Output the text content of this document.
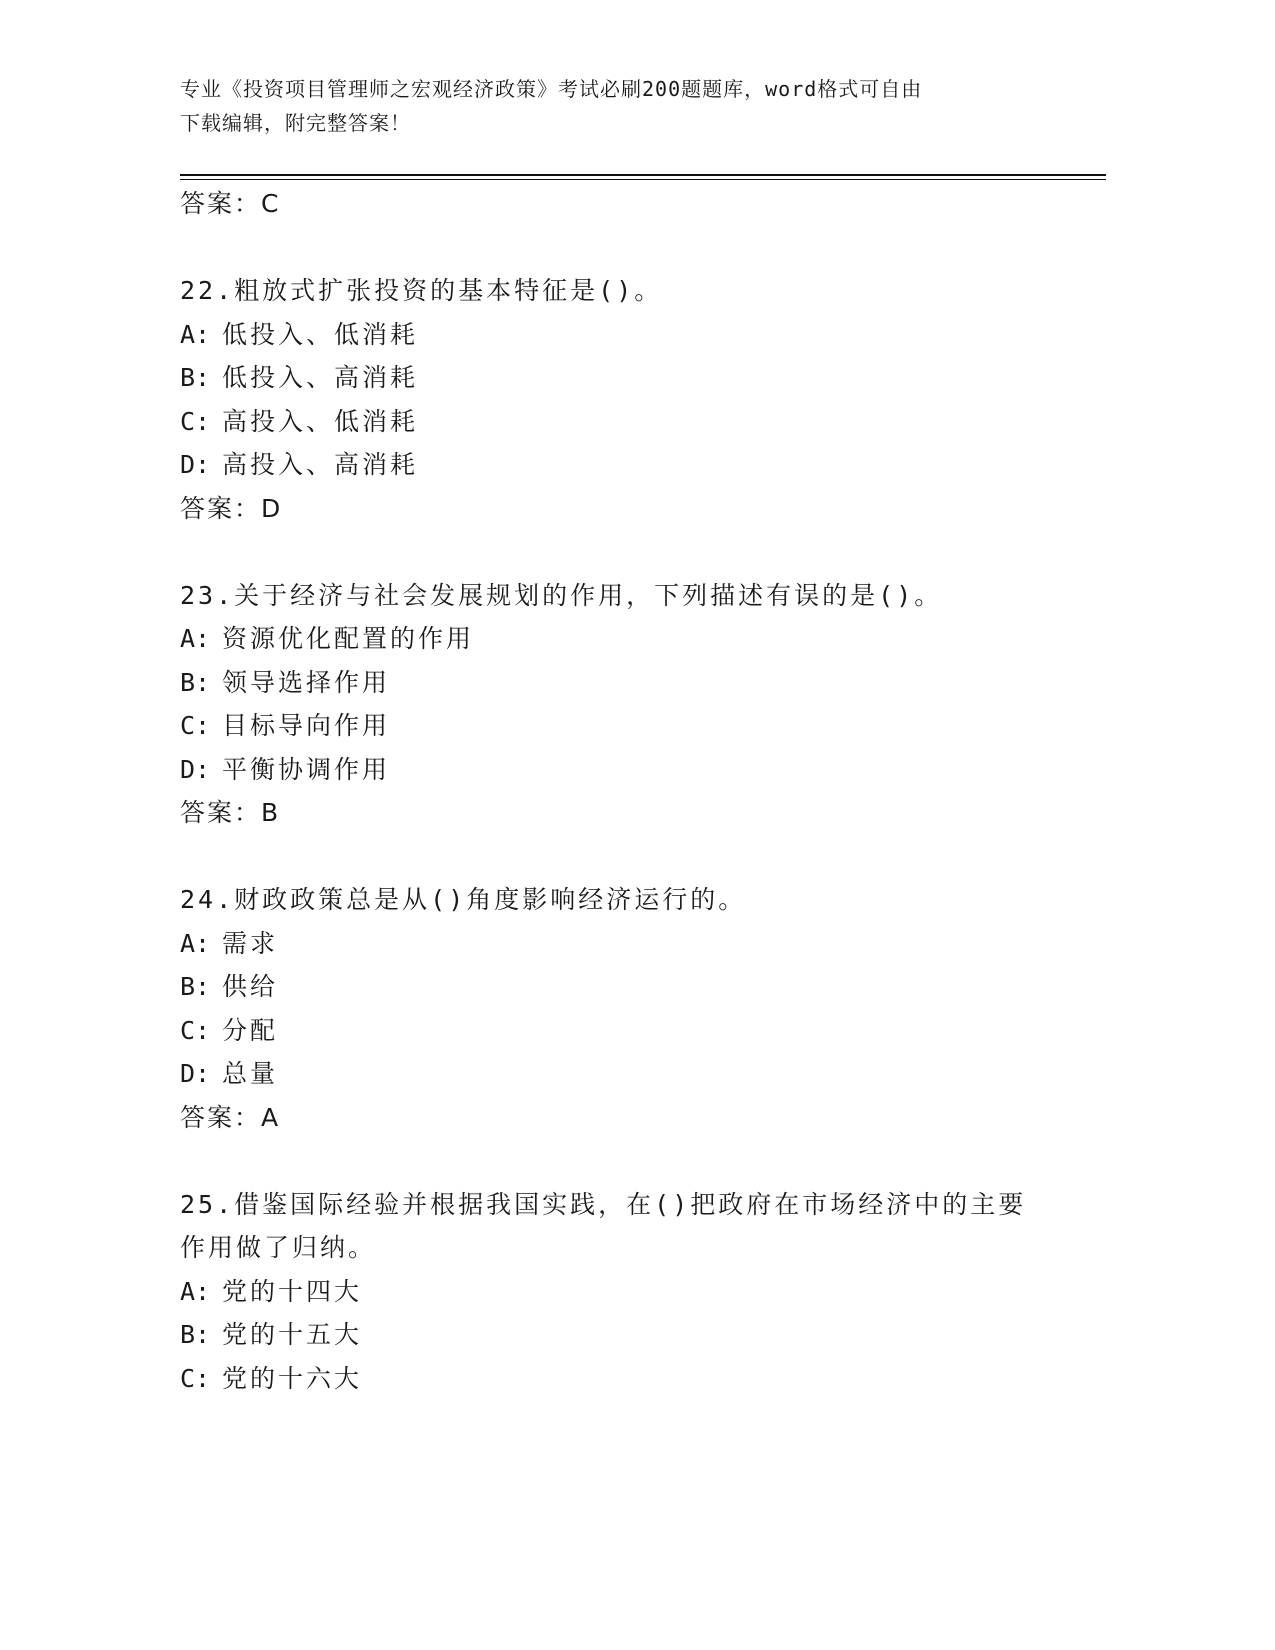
专业《投资项目管理师之宏观经济政策》考试必刷200题题库，word格式可自由
下载编辑，附完整答案！
答案：C
22.粗放式扩张投资的基本特征是()。
A: 低投入、低消耗
B: 低投入、高消耗
C: 高投入、低消耗
D: 高投入、高消耗
答案：D
23.关于经济与社会发展规划的作用，下列描述有误的是()。
A: 资源优化配置的作用
B: 领导选择作用
C: 目标导向作用
D: 平衡协调作用
答案：B
24.财政政策总是从()角度影响经济运行的。
A: 需求
B: 供给
C: 分配
D: 总量
答案：A
25.借鉴国际经验并根据我国实践，在()把政府在市场经济中的主要作用做了归纳。
A: 党的十四大
B: 党的十五大
C: 党的十六大
